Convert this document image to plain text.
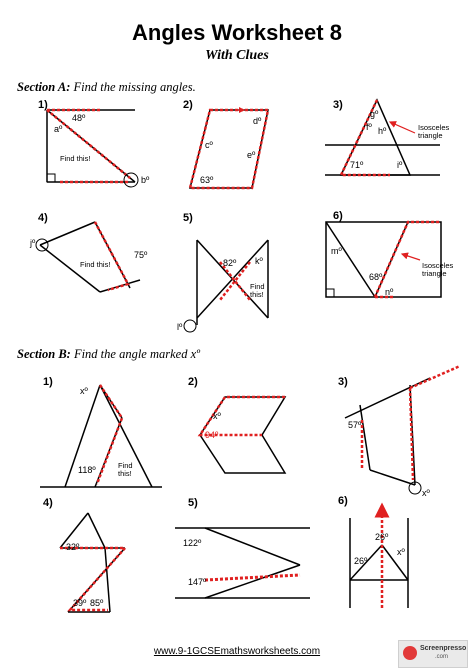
Angles Worksheet 8
With Clues
Section A: Find the missing angles.
Section B: Find the angle marked xº
1)	2)	3)
4)	5)	6)
1)	2)	3)
4)	5)	6)
48º
aº
bº
Find this!
cº
dº
eº
63º
gº
fº hº
71º	iº
Isosceles triangle
jº
75º
Find this!	82º kº
lº
Find this!
mº
68º
nº
Isosceles triangle
xº
118º	Find this!
xº
94º
57º
xº
32º
39º 85º
122º
147º
26º
26º
xº
www.9-1GCSEmathsworksheets.com	Screenpresso
.com
